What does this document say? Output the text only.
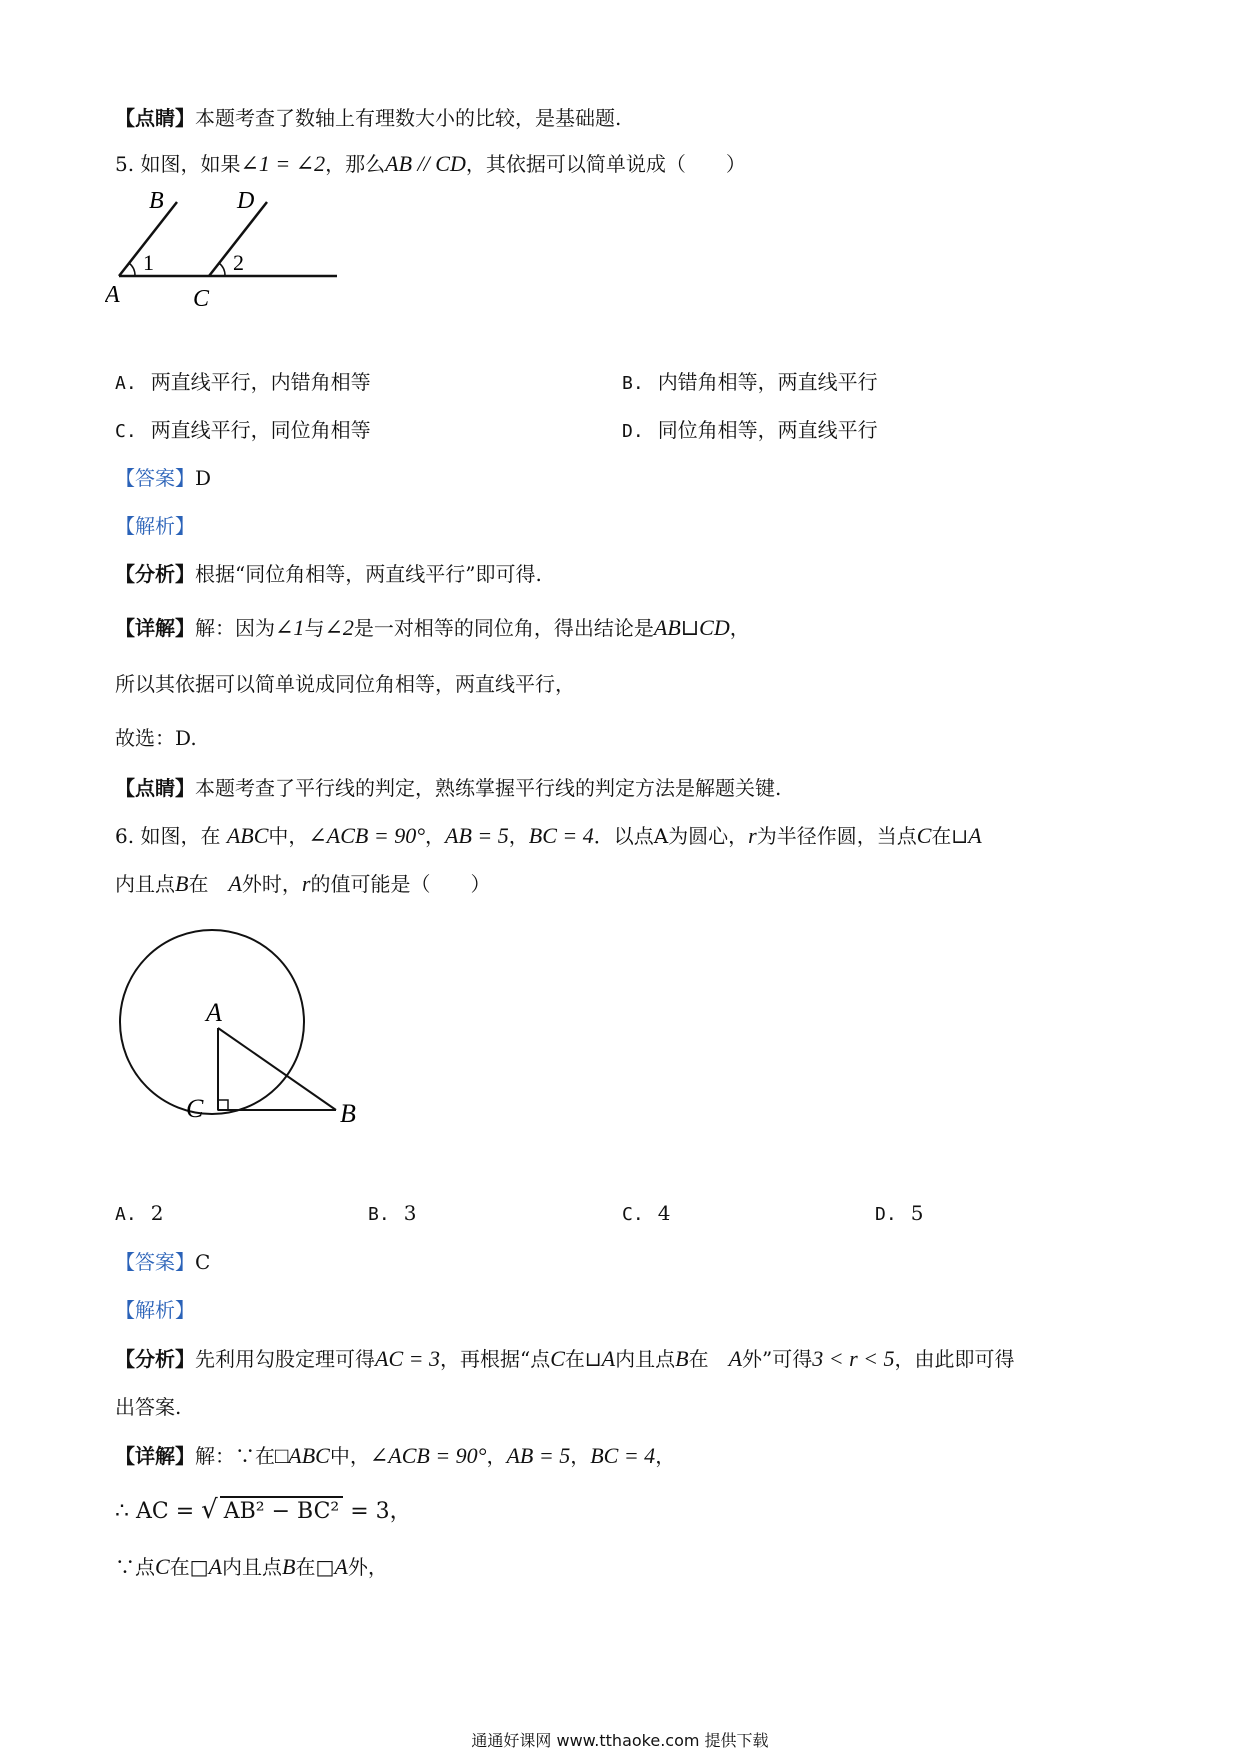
【点睛】本题考查了数轴上有理数大小的比较，是基础题.
5. 如图，如果∠1 = ∠2，那么AB // CD，其依据可以简单说成（　　）
B	D
1	2
A	C
A. 两直线平行，内错角相等	B. 内错角相等，两直线平行
C. 两直线平行，同位角相等	D. 同位角相等，两直线平行
【答案】D
【解析】
【分析】根据“同位角相等，两直线平行”即可得.
【详解】解：因为∠1与∠2是一对相等的同位角，得出结论是AB⊔CD，
所以其依据可以简单说成同位角相等，两直线平行，
故选：D.
【点睛】本题考查了平行线的判定，熟练掌握平行线的判定方法是解题关键.
6. 如图，在 ABC中，∠ACB = 90°，AB = 5，BC = 4．以点A为圆心，r为半径作圆，当点C在⊔A
内且点B在　 A外时，r的值可能是（　　）
A
C	B
A. 2	B. 3	C. 4	D. 5
【答案】C
【解析】
【分析】先利用勾股定理可得AC = 3，再根据“点C在⊔A内且点B在　A外”可得3 < r < 5，由此即可得
出答案.
【详解】解：∵在□ABC中，∠ACB = 90°，AB = 5，BC = 4，
∴ AC = √ AB² − BC² = 3，
∵点C在□A内且点B在□A外，
通通好课网 www.tthaoke.com 提供下载
